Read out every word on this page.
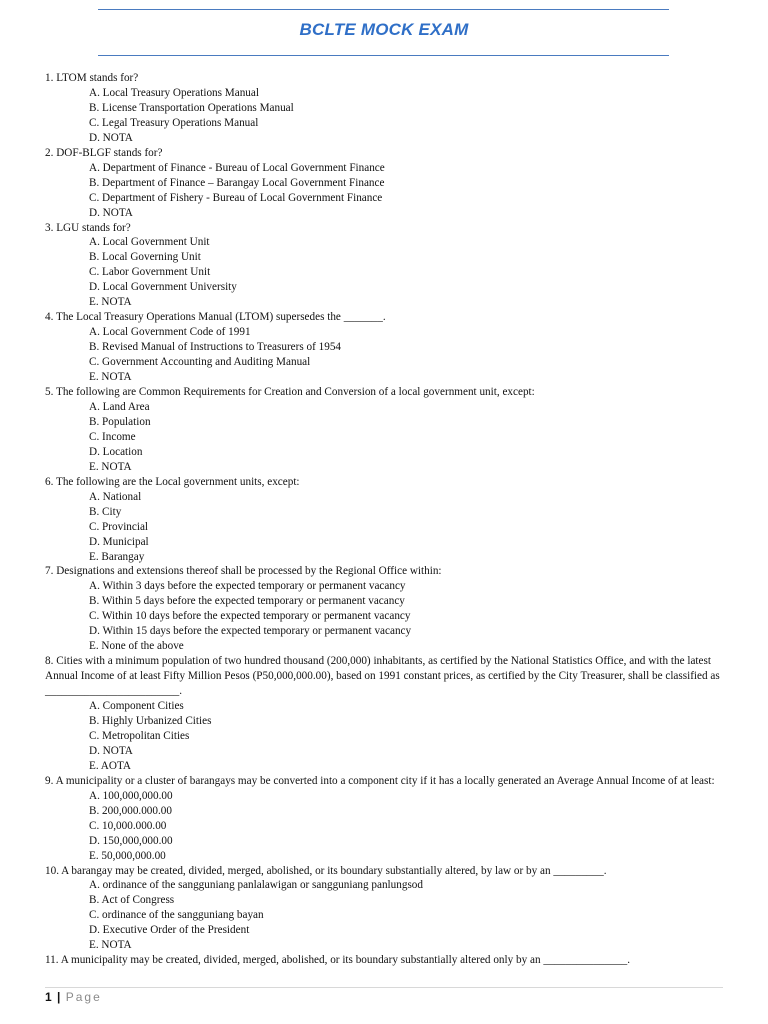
BCLTE MOCK EXAM
1. LTOM stands for?
A. Local Treasury Operations Manual
B. License Transportation Operations Manual
C. Legal Treasury Operations Manual
D. NOTA
2. DOF-BLGF stands for?
A. Department of Finance - Bureau of Local Government Finance
B. Department of Finance – Barangay Local Government Finance
C. Department of Fishery - Bureau of Local Government Finance
D. NOTA
3. LGU stands for?
A. Local Government Unit
B. Local Governing Unit
C. Labor Government Unit
D. Local Government University
E. NOTA
4. The Local Treasury Operations Manual (LTOM) supersedes the _______.
A. Local Government Code of 1991
B. Revised Manual of Instructions to Treasurers of 1954
C. Government Accounting and Auditing Manual
E. NOTA
5. The following are Common Requirements for Creation and Conversion of a local government unit, except:
A. Land Area
B. Population
C. Income
D. Location
E. NOTA
6. The following are the Local government units, except:
A. National
B. City
C. Provincial
D. Municipal
E. Barangay
7. Designations and extensions thereof shall be processed by the Regional Office within:
A. Within 3 days before the expected temporary or permanent vacancy
B. Within 5 days before the expected temporary or permanent vacancy
C. Within 10 days before the expected temporary or permanent vacancy
D. Within 15 days before the expected temporary or permanent vacancy
E. None of the above
8. Cities with a minimum population of two hundred thousand (200,000) inhabitants, as certified by the National Statistics Office, and with the latest Annual Income of at least Fifty Million Pesos (P50,000,000.00), based on 1991 constant prices, as certified by the City Treasurer, shall be classified as ________________________.
A. Component Cities
B. Highly Urbanized Cities
C. Metropolitan Cities
D. NOTA
E. AOTA
9. A municipality or a cluster of barangays may be converted into a component city if it has a locally generated an Average Annual Income of at least:
A. 100,000,000.00
B. 200,000.000.00
C. 10,000.000.00
D. 150,000,000.00
E. 50,000,000.00
10. A barangay may be created, divided, merged, abolished, or its boundary substantially altered, by law or by an _________.
A. ordinance of the sangguniang panlalawigan or sangguniang panlungsod
B. Act of Congress
C. ordinance of the sangguniang bayan
D. Executive Order of the President
E. NOTA
11. A municipality may be created, divided, merged, abolished, or its boundary substantially altered only by an _______________.
1 | Page
